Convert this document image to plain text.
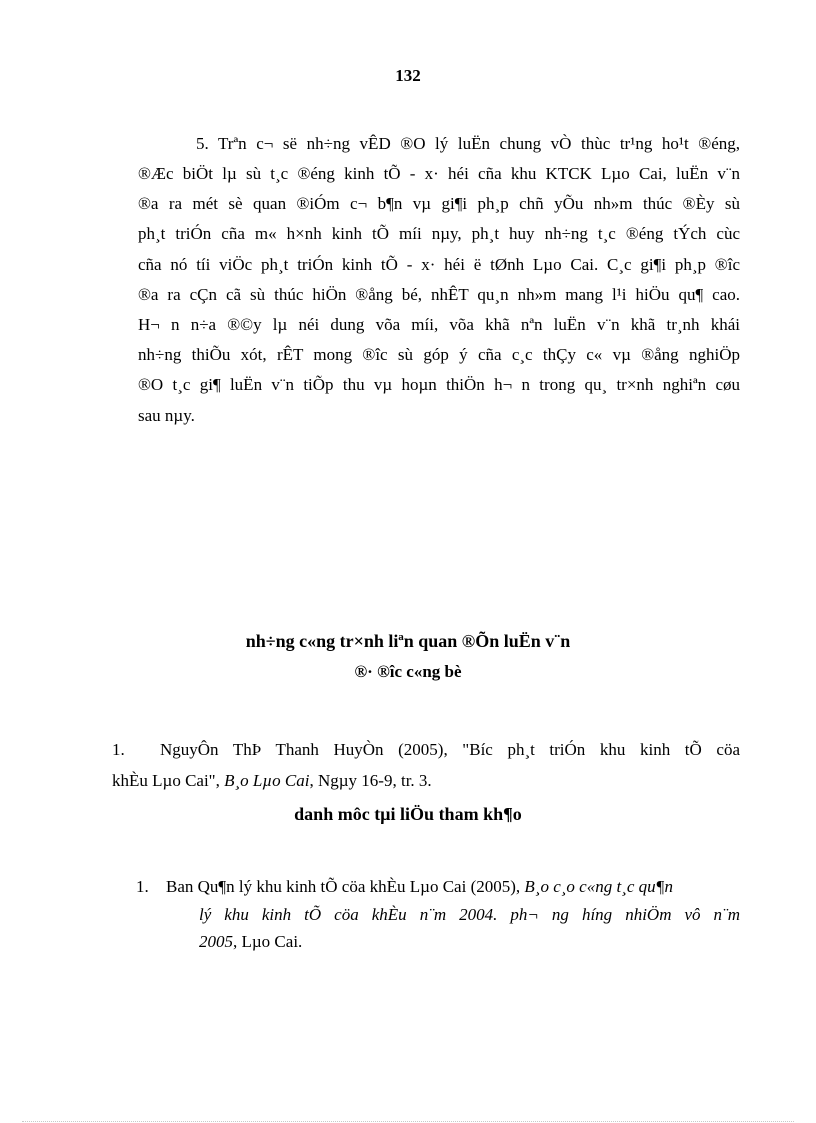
132
5. Trªn c¬ së nh÷ng vÊD ®O lý luËn chung vÒ thùc tr¹ng ho¹t ®éng,
®Æc biÖt lµ sù t¸c ®éng kinh tÕ - x· héi cña khu KTCK Lµo Cai, luËn v¨n
®a ra mét sè quan ®iÓm c¬ b¶n vµ gi¶i ph¸p chñ yÕu nh»m thúc ®Èy sù
ph¸t triÓn cña m« h×nh kinh tÕ míi nµy, ph¸t huy nh÷ng t¸c ®éng tÝch cùc
cña nó tíi viÖc ph¸t triÓn kinh tÕ - x· héi ë tØnh Lµo Cai. C¸c gi¶i ph¸p ®îc
®a ra cÇn cã sù thúc hiÖn ®ång bé, nhÊT qu¸n nh»m mang l¹i hiÖu qu¶ cao.
H¬ n n÷a ®©y lµ néi dung võa míi, võa khã nªn luËn v¨n khã tr¸nh khái
nh÷ng thiÕu xót, rÊT mong ®îc sù góp ý cña c¸c thÇy c« vµ ®ång nghiÖp
®O t¸c gi¶ luËn v¨n tiÕp thu vµ hoµn thiÖn h¬ n trong qu¸ tr×nh nghiªn cøu
sau nµy.
nh÷ng c«ng tr×nh liªn quan ®Õn luËn v¨n
®· ®îc c«ng bè
1. NguyÔn ThÞ Thanh HuyÒn (2005), "Bíc ph¸t triÓn khu kinh tÕ cöa
khÈu Lµo Cai", B¸o Lµo Cai, Ngµy 16-9, tr. 3.
danh môc tµi liÖu tham kh¶o
1. Ban Qu¶n lý khu kinh tÕ cöa khÈu Lµo Cai (2005), B¸o c¸o c«ng t¸c qu¶n
lý khu kinh tÕ cöa khÈu n¨m 2004. ph¬ ng híng nhiÖm vô n¨m
2005, Lµo Cai.
